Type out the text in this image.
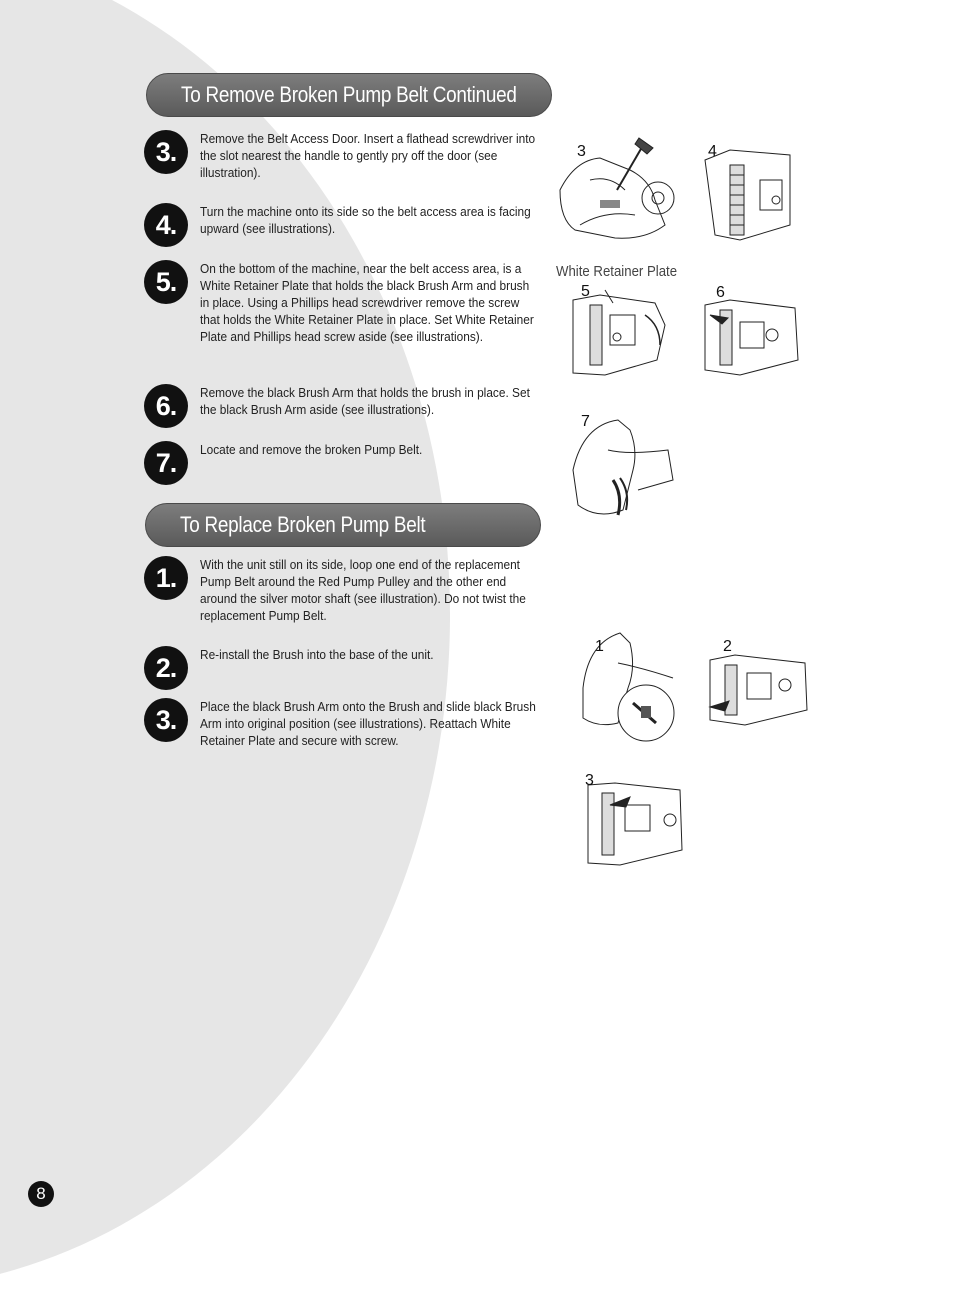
To Remove Broken Pump Belt Continued
3.	Remove the Belt Access Door. Insert a flathead screwdriver into the slot nearest the handle to gently pry off the door (see illustration).
4.	Turn the machine onto its side so the belt access area is facing upward (see illustrations).
5.	On the bottom of the machine, near the belt access area, is a White Retainer Plate that holds the black Brush Arm and brush in place. Using a Phillips head screwdriver remove the screw that holds the White Retainer Plate in place. Set White Retainer Plate and Phillips head screw aside (see illustrations).
6.	Remove the black Brush Arm that holds the brush in place. Set the black Brush Arm aside (see illustrations).
7.	Locate and remove the broken Pump Belt.
To Replace Broken Pump Belt
1.	With the unit still on its side, loop one end of the replacement Pump Belt around the Red Pump Pulley and the other end around the silver motor shaft (see illustration). Do not twist the replacement Pump Belt.
2.	Re-install the Brush into the base of the unit.
3.	Place the black Brush Arm onto the Brush and slide black Brush Arm into original position (see illustrations). Reattach White Retainer Plate and secure with screw.
3	4
White Retainer Plate
5	6
7
1	2
3
8
